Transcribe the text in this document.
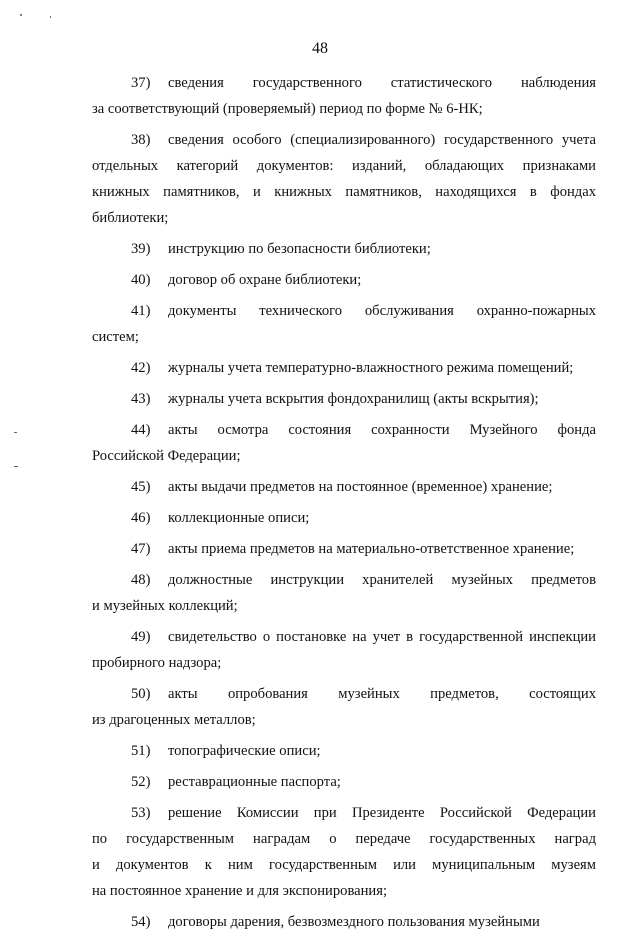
48
37) сведения государственного статистического наблюдения
за соответствующий (проверяемый) период по форме № 6-НК;
38) сведения особого (специализированного) государственного учета
отдельных категорий документов: изданий, обладающих признаками
книжных памятников, и книжных памятников, находящихся в фондах
библиотеки;
39) инструкцию по безопасности библиотеки;
40) договор об охране библиотеки;
41) документы технического обслуживания охранно-пожарных
систем;
42) журналы учета температурно-влажностного режима помещений;
43) журналы учета вскрытия фондохранилищ (акты вскрытия);
44) акты осмотра состояния сохранности Музейного фонда
Российской Федерации;
45) акты выдачи предметов на постоянное (временное) хранение;
46) коллекционные описи;
47) акты приема предметов на материально-ответственное хранение;
48) должностные инструкции хранителей музейных предметов
и музейных коллекций;
49) свидетельство о постановке на учет в государственной инспекции
пробирного надзора;
50) акты опробования музейных предметов, состоящих
из драгоценных металлов;
51) топографические описи;
52) реставрационные паспорта;
53) решение Комиссии при Президенте Российской Федерации
по государственным наградам о передаче государственных наград
и документов к ним государственным или муниципальным музеям
на постоянное хранение и для экспонирования;
54) договоры дарения, безвозмездного пользования музейными
